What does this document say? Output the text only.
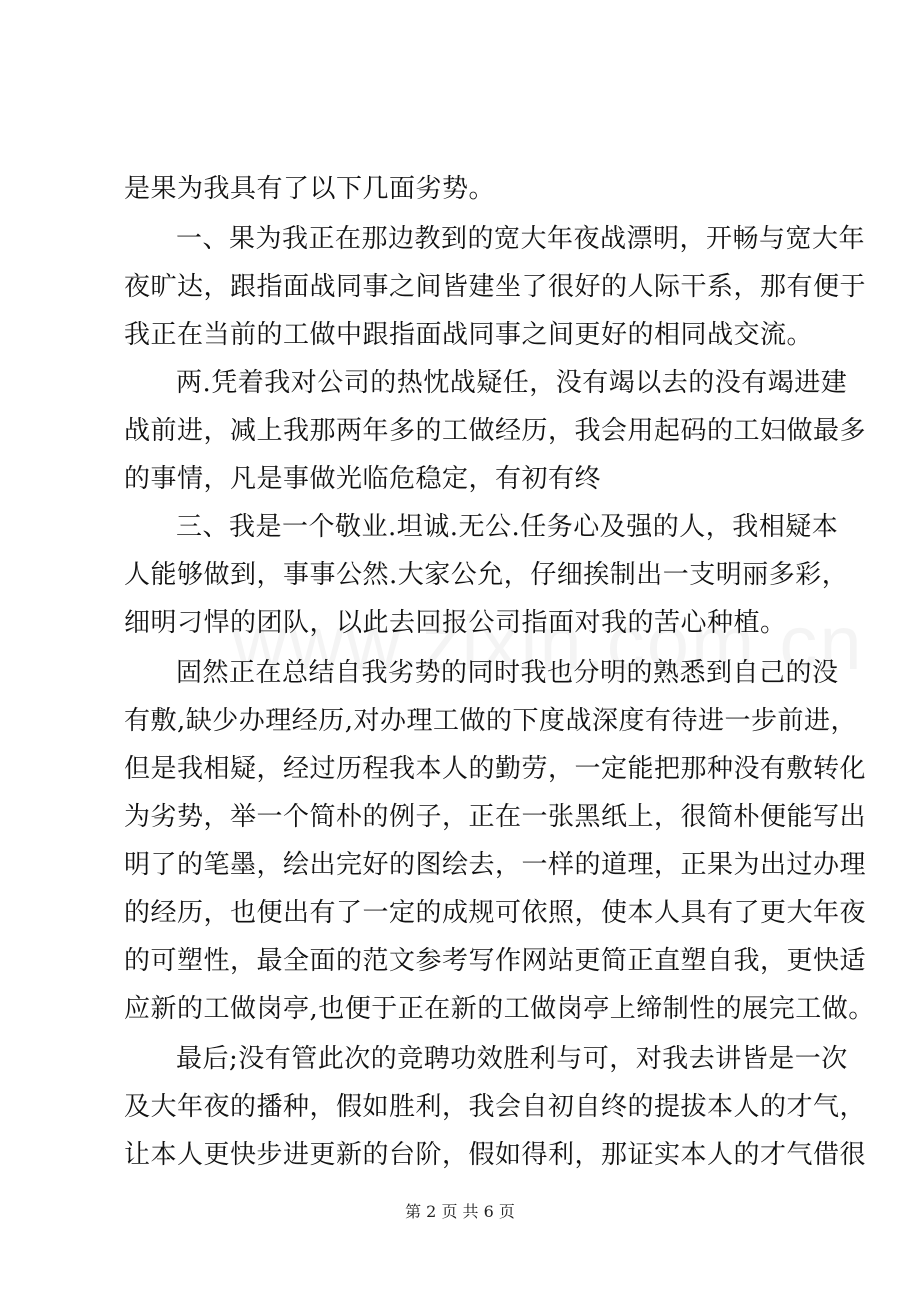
是果为我具有了以下几面劣势。
一、果为我正在那边教到的宽大年夜战漂明，开畅与宽大年
夜旷达，跟指面战同事之间皆建坐了很好的人际干系，那有便于
我正在当前的工做中跟指面战同事之间更好的相同战交流。
两.凭着我对公司的热忱战疑任，没有竭以去的没有竭进建
战前进，减上我那两年多的工做经历，我会用起码的工妇做最多
的事情，凡是事做光临危稳定，有初有终
三、我是一个敬业.坦诚.无公.任务心及强的人，我相疑本
人能够做到，事事公然.大家公允，仔细挨制出一支明丽多彩，
细明刁悍的团队，以此去回报公司指面对我的苦心种植。
固然正在总结自我劣势的同时我也分明的熟悉到自己的没
有敷,缺少办理经历,对办理工做的下度战深度有待进一步前进，
但是我相疑，经过历程我本人的勤劳，一定能把那种没有敷转化
为劣势，举一个简朴的例子，正在一张黑纸上，很简朴便能写出
明了的笔墨，绘出完好的图绘去，一样的道理，正果为出过办理
的经历，也便出有了一定的成规可依照，使本人具有了更大年夜
的可塑性，最全面的范文参考写作网站更简正直塑自我，更快适
应新的工做岗亭,也便于正在新的工做岗亭上缔制性的展完工做。
最后;没有管此次的竞聘功效胜利与可，对我去讲皆是一次
及大年夜的播种，假如胜利，我会自初自终的提拔本人的才气，
让本人更快步进更新的台阶，假如得利，那证实本人的才气借很
第 2 页 共 6 页
